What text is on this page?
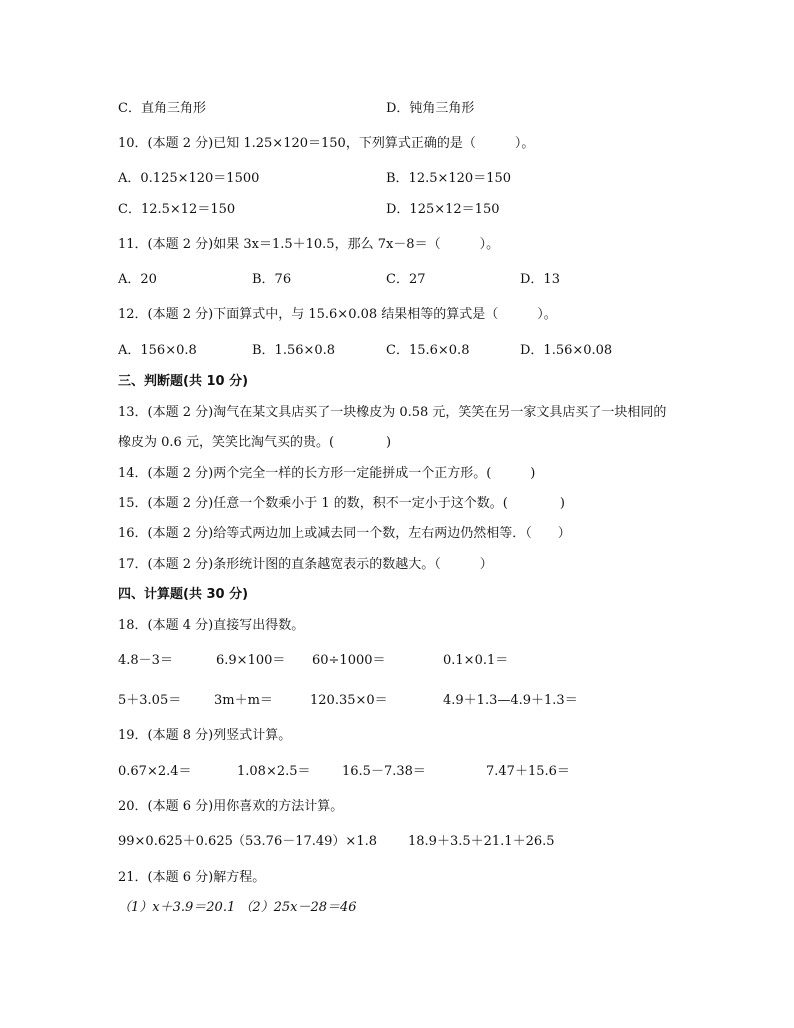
C．直角三角形	D．钝角三角形
10．(本题 2 分)已知 1.25×120＝150，下列算式正确的是（　　　）。
A．0.125×120＝1500	B．12.5×120＝150
C．12.5×12＝150	D．125×12＝150
11．(本题 2 分)如果 3x＝1.5＋10.5，那么 7x－8＝（　　　）。
A．20	B．76	C．27	D．13
12．(本题 2 分)下面算式中，与 15.6×0.08 结果相等的算式是（　　　）。
A．156×0.8	B．1.56×0.8	C．15.6×0.8	D．1.56×0.08
三、判断题(共 10 分)
13．(本题 2 分)淘气在某文具店买了一块橡皮为 0.58 元，笑笑在另一家文具店买了一块相同的
橡皮为 0.6 元，笑笑比淘气买的贵。(　　　　)
14．(本题 2 分)两个完全一样的长方形一定能拼成一个正方形。(　　　)
15．(本题 2 分)任意一个数乘小于 1 的数，积不一定小于这个数。(　　　　)
16．(本题 2 分)给等式两边加上或减去同一个数，左右两边仍然相等．（　　）
17．(本题 2 分)条形统计图的直条越宽表示的数越大。（　　　）
四、计算题(共 30 分)
18．(本题 4 分)直接写出得数。
4.8－3＝	6.9×100＝ 60÷1000＝	0.1×0.1＝
5＋3.05＝	3m＋m＝	120.35×0＝	4.9＋1.3—4.9＋1.3＝
19．(本题 8 分)列竖式计算。
0.67×2.4＝	1.08×2.5＝ 16.5－7.38＝	7.47＋15.6＝
20．(本题 6 分)用你喜欢的方法计算。
99×0.625＋0.625 （53.76－17.49）×1.8 18.9＋3.5＋21.1＋26.5
21．(本题 6 分)解方程。
（1）x＋3.9＝20.1 （2）25x－28＝46
